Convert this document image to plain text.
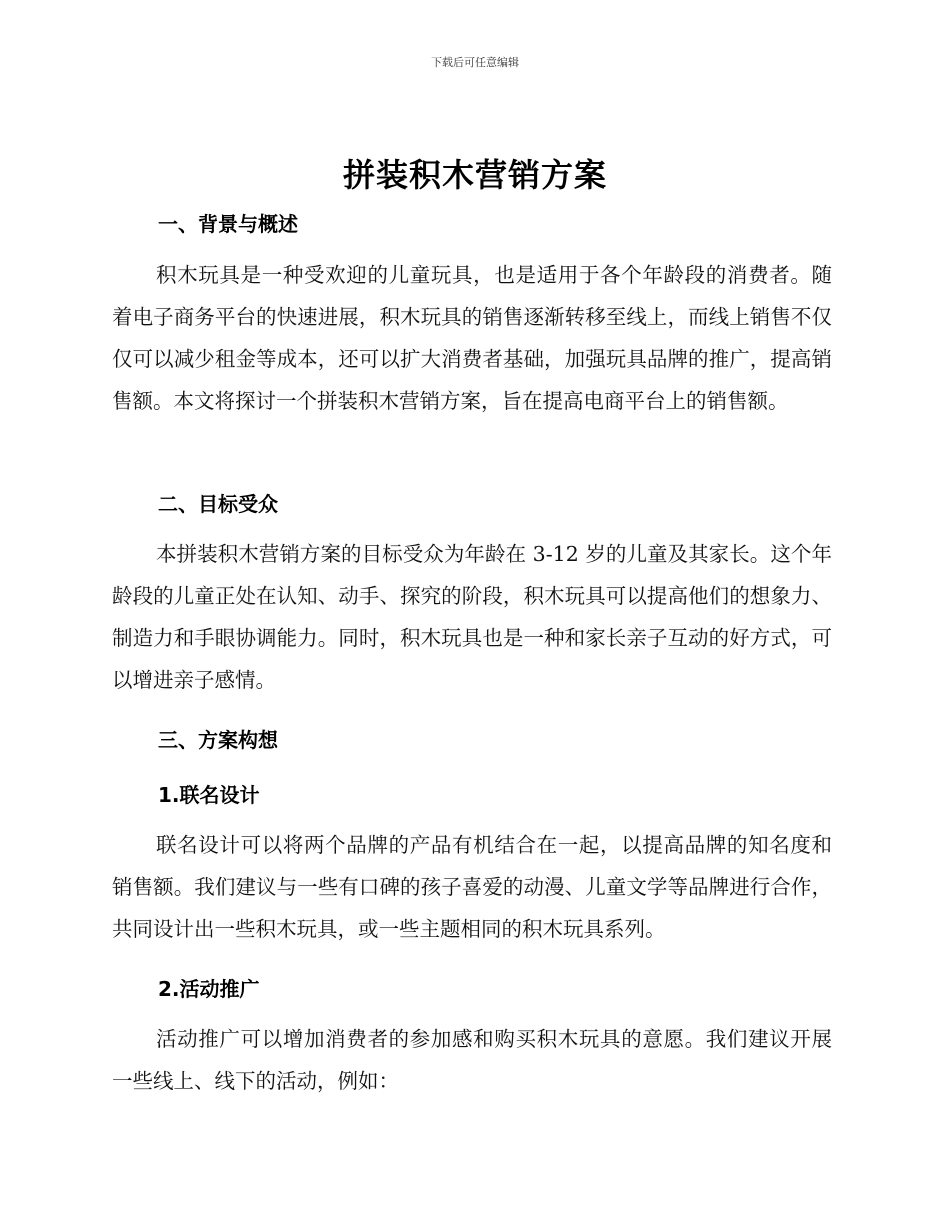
下载后可任意编辑
拼装积木营销方案
一、背景与概述

积木玩具是一种受欢迎的儿童玩具，也是适用于各个年龄段的消费者。随着电子商务平台的快速进展，积木玩具的销售逐渐转移至线上，而线上销售不仅仅可以减少租金等成本，还可以扩大消费者基础，加强玩具品牌的推广，提高销售额。本文将探讨一个拼装积木营销方案，旨在提高电商平台上的销售额。

二、目标受众

本拼装积木营销方案的目标受众为年龄在 3-12 岁的儿童及其家长。这个年龄段的儿童正处在认知、动手、探究的阶段，积木玩具可以提高他们的想象力、制造力和手眼协调能力。同时，积木玩具也是一种和家长亲子互动的好方式，可以增进亲子感情。

三、方案构想
1.联名设计

联名设计可以将两个品牌的产品有机结合在一起，以提高品牌的知名度和销售额。我们建议与一些有口碑的孩子喜爱的动漫、儿童文学等品牌进行合作，共同设计出一些积木玩具，或一些主题相同的积木玩具系列。

2.活动推广

活动推广可以增加消费者的参加感和购买积木玩具的意愿。我们建议开展一些线上、线下的活动，例如：
